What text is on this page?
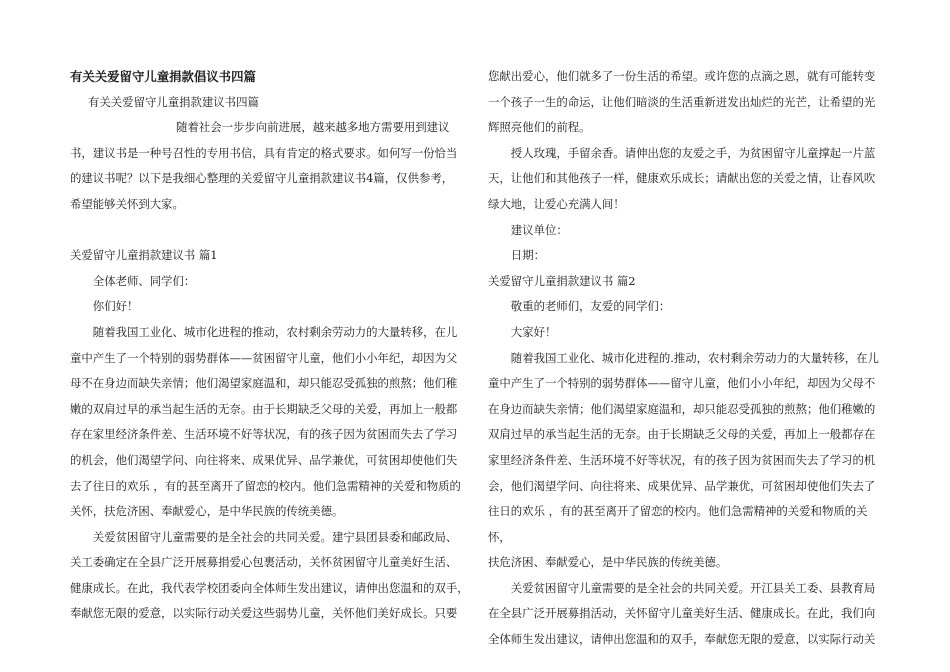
有关关爱留守儿童捐款倡议书四篇

有关关爱留守儿童捐款建议书四篇

随着社会一步步向前进展，越来越多地方需要用到建议

书，建议书是一种号召性的专用书信，具有肯定的格式要求。如何写一份恰当

的建议书呢？以下是我细心整理的关爱留守儿童捐款建议书4篇，仅供参考，

希望能够关怀到大家。

关爱留守儿童捐款建议书 篇1

全体老师、同学们：

你们好！

随着我国工业化、城市化进程的推动，农村剩余劳动力的大量转移，在儿

童中产生了一个特别的弱势群体——贫困留守儿童，他们小小年纪，却因为父

母不在身边而缺失亲情；他们渴望家庭温和，却只能忍受孤独的煎熬；他们稚

嫩的双肩过早的承当起生活的无奈。由于长期缺乏父母的关爱，再加上一般都

存在家里经济条件差、生活环境不好等状况，有的孩子因为贫困而失去了学习

的机会，他们渴望学问、向往将来、成果优异、品学兼优，可贫困却使他们失

去了往日的欢乐 ，有的甚至离开了留恋的校内。他们急需精神的关爱和物质的

关怀，扶危济困、奉献爱心，是中华民族的传统美德。

关爱贫困留守儿童需要的是全社会的共同关爱。建宁县团县委和邮政局、

关工委确定在全县广泛开展募捐爱心包裹活动，关怀贫困留守儿童美好生活、

健康成长。在此，我代表学校团委向全体师生发出建议，请伸出您温和的双手，

奉献您无限的爱意，以实际行动关爱这些弱势儿童，关怀他们美好成长。只要

您献出爱心，他们就多了一份生活的希望。或许您的点滴之恩，就有可能转变

一个孩子一生的命运，让他们暗淡的生活重新迸发出灿烂的光芒，让希望的光

辉照亮他们的前程。

授人玫瑰，手留余香。请伸出您的友爱之手，为贫困留守儿童撑起一片蓝

天，让他们和其他孩子一样，健康欢乐成长；请献出您的关爱之情，让春风吹

绿大地，让爱心充满人间！

建议单位：

日期：

关爱留守儿童捐款建议书 篇2

敬重的老师们，友爱的同学们：

大家好！

随着我国工业化、城市化进程的.推动，农村剩余劳动力的大量转移，在儿

童中产生了一个特别的弱势群体——留守儿童，他们小小年纪，却因为父母不

在身边而缺失亲情；他们渴望家庭温和，却只能忍受孤独的煎熬；他们稚嫩的

双肩过早的承当起生活的无奈。由于长期缺乏父母的关爱，再加上一般都存在

家里经济条件差、生活环境不好等状况，有的孩子因为贫困而失去了学习的机

会，他们渴望学问、向往将来、成果优异、品学兼优，可贫困却使他们失去了

往日的欢乐 ，有的甚至离开了留恋的校内。他们急需精神的关爱和物质的关怀，

扶危济困、奉献爱心，是中华民族的传统美德。

关爱贫困留守儿童需要的是全社会的共同关爱。开江县关工委、县教育局

在全县广泛开展募捐活动，关怀留守儿童美好生活、健康成长。在此，我们向

全体师生发出建议，请伸出您温和的双手，奉献您无限的爱意，以实际行动关
